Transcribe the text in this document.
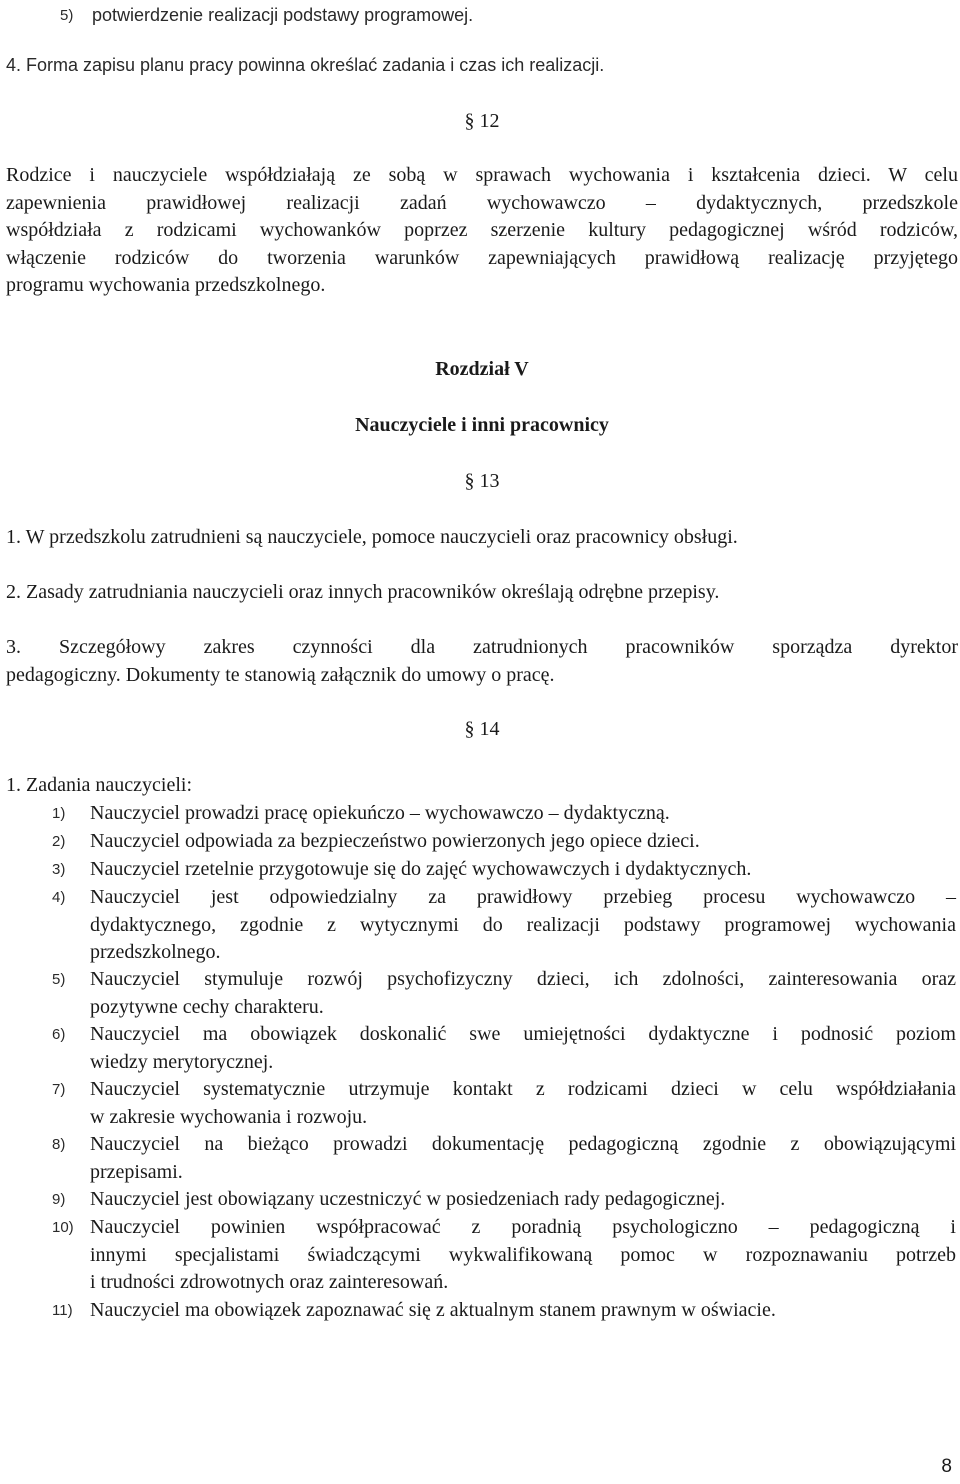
5) potwierdzenie realizacji podstawy programowej.
4. Forma zapisu planu pracy powinna określać zadania i czas ich realizacji.
§ 12
Rodzice i nauczyciele współdziałają ze sobą w sprawach wychowania i kształcenia dzieci. W celu
zapewnienia prawidłowej realizacji zadań wychowawczo – dydaktycznych, przedszkole
współdziała z rodzicami wychowanków poprzez szerzenie kultury pedagogicznej wśród rodziców,
włączenie rodziców do tworzenia warunków zapewniających prawidłową realizację przyjętego
programu wychowania przedszkolnego.
Rozdział V
Nauczyciele i inni pracownicy
§ 13
1. W przedszkolu zatrudnieni są nauczyciele, pomoce nauczycieli oraz pracownicy obsługi.
2. Zasady zatrudniania nauczycieli oraz innych pracowników określają odrębne przepisy.
3. Szczegółowy zakres czynności dla zatrudnionych pracowników sporządza dyrektor
pedagogiczny. Dokumenty te stanowią załącznik do umowy o pracę.
§ 14
1. Zadania nauczycieli:
1) Nauczyciel prowadzi pracę opiekuńczo – wychowawczo – dydaktyczną.
2) Nauczyciel odpowiada za bezpieczeństwo powierzonych jego opiece dzieci.
3) Nauczyciel rzetelnie przygotowuje się do zajęć wychowawczych i dydaktycznych.
4) Nauczyciel jest odpowiedzialny za prawidłowy przebieg procesu wychowawczo –
dydaktycznego, zgodnie z wytycznymi do realizacji podstawy programowej wychowania
przedszkolnego.
5) Nauczyciel stymuluje rozwój psychofizyczny dzieci, ich zdolności, zainteresowania oraz
pozytywne cechy charakteru.
6) Nauczyciel ma obowiązek doskonalić swe umiejętności dydaktyczne i podnosić poziom
wiedzy merytorycznej.
7) Nauczyciel systematycznie utrzymuje kontakt z rodzicami dzieci w celu współdziałania
w zakresie wychowania i rozwoju.
8) Nauczyciel na bieżąco prowadzi dokumentację pedagogiczną zgodnie z obowiązującymi
przepisami.
9) Nauczyciel jest obowiązany uczestniczyć w posiedzeniach rady pedagogicznej.
10) Nauczyciel powinien współpracować z poradnią psychologiczno – pedagogiczną i
innymi specjalistami świadczącymi wykwalifikowaną pomoc w rozpoznawaniu potrzeb
i trudności zdrowotnych oraz zainteresowań.
11) Nauczyciel ma obowiązek zapoznawać się z aktualnym stanem prawnym w oświacie.
8
